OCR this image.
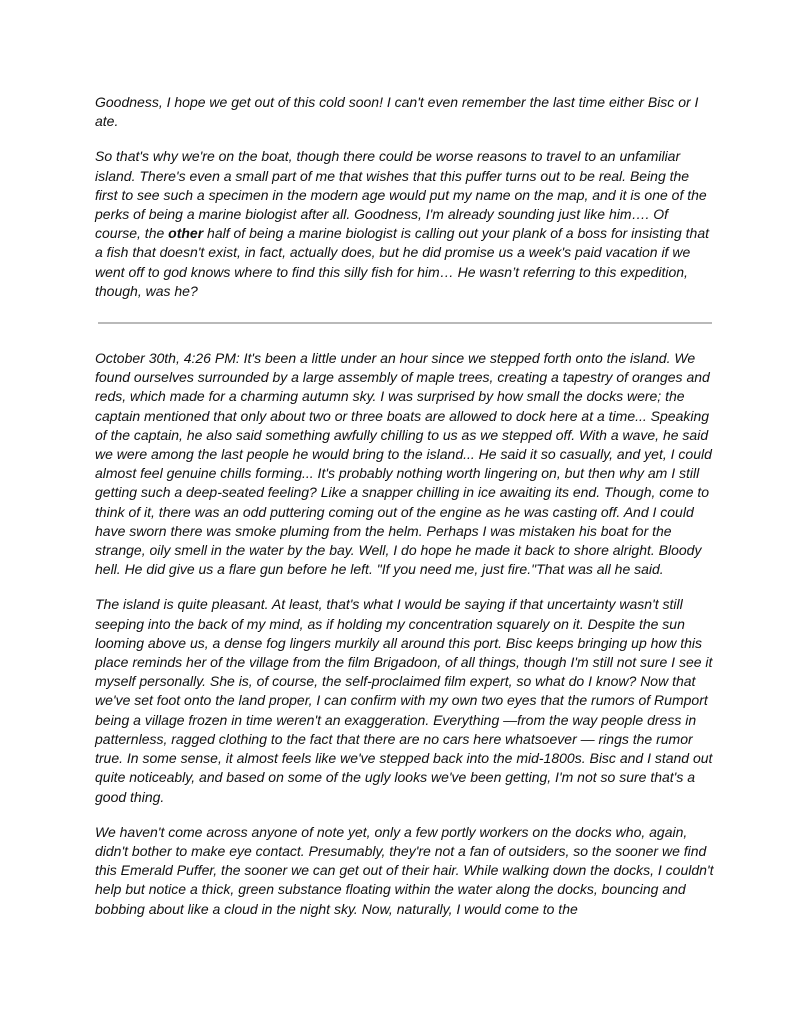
Goodness, I hope we get out of this cold soon! I can't even remember the last time either Bisc or I ate.

So that's why we're on the boat, though there could be worse reasons to travel to an unfamiliar island. There's even a small part of me that wishes that this puffer turns out to be real. Being the first to see such a specimen in the modern age would put my name on the map, and it is one of the perks of being a marine biologist after all. Goodness, I'm already sounding just like him…. Of course, the other half of being a marine biologist is calling out your plank of a boss for insisting that a fish that doesn't exist, in fact, actually does, but he did promise us a week's paid vacation if we went off to god knows where to find this silly fish for him… He wasn’t referring to this expedition, though, was he?

October 30th, 4:26 PM: It's been a little under an hour since we stepped forth onto the island. We found ourselves surrounded by a large assembly of maple trees, creating a tapestry of oranges and reds, which made for a charming autumn sky. I was surprised by how small the docks were; the captain mentioned that only about two or three boats are allowed to dock here at a time... Speaking of the captain, he also said something awfully chilling to us as we stepped off. With a wave, he said we were among the last people he would bring to the island... He said it so casually, and yet, I could almost feel genuine chills forming... It's probably nothing worth lingering on, but then why am I still getting such a deep-seated feeling? Like a snapper chilling in ice awaiting its end. Though, come to think of it, there was an odd puttering coming out of the engine as he was casting off. And I could have sworn there was smoke pluming from the helm. Perhaps I was mistaken his boat for the strange, oily smell in the water by the bay. Well, I do hope he made it back to shore alright. Bloody hell. He did give us a flare gun before he left. "If you need me, just fire."That was all he said.

The island is quite pleasant. At least, that's what I would be saying if that uncertainty wasn't still seeping into the back of my mind, as if holding my concentration squarely on it. Despite the sun looming above us, a dense fog lingers murkily all around this port. Bisc keeps bringing up how this place reminds her of the village from the film Brigadoon, of all things, though I'm still not sure I see it myself personally. She is, of course, the self-proclaimed film expert, so what do I know? Now that we've set foot onto the land proper, I can confirm with my own two eyes that the rumors of Rumport being a village frozen in time weren't an exaggeration. Everything —from the way people dress in patternless, ragged clothing to the fact that there are no cars here whatsoever — rings the rumor true. In some sense, it almost feels like we've stepped back into the mid-1800s. Bisc and I stand out quite noticeably, and based on some of the ugly looks we've been getting, I'm not so sure that's a good thing.

We haven't come across anyone of note yet, only a few portly workers on the docks who, again, didn't bother to make eye contact. Presumably, they're not a fan of outsiders, so the sooner we find this Emerald Puffer, the sooner we can get out of their hair. While walking down the docks, I couldn't help but notice a thick, green substance floating within the water along the docks, bouncing and bobbing about like a cloud in the night sky. Now, naturally, I would come to the
